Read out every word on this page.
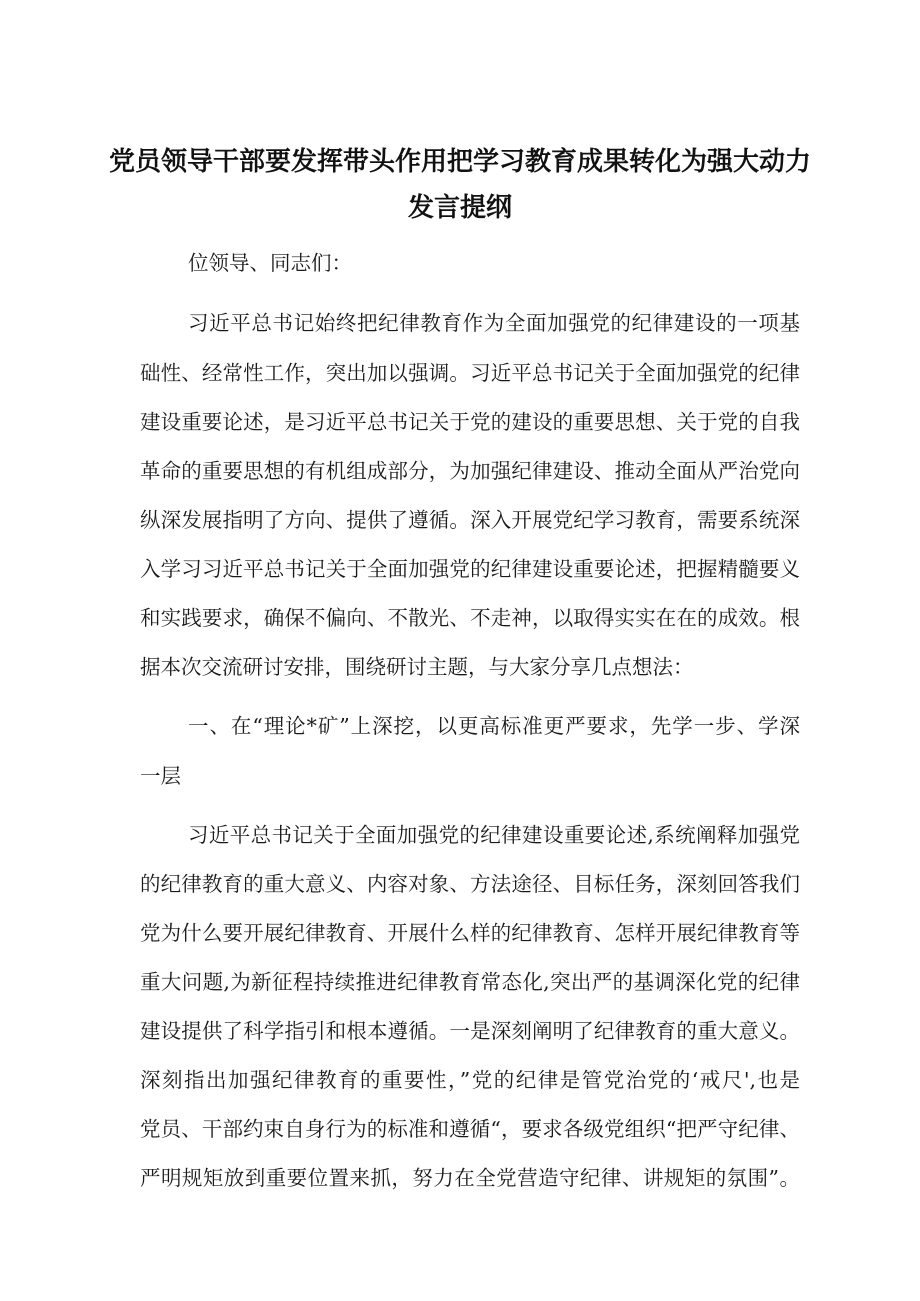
党员领导干部要发挥带头作用把学习教育成果转化为强大动力
发言提纲
位领导、同志们：
习近平总书记始终把纪律教育作为全面加强党的纪律建设的一项基
础性、经常性工作，突出加以强调。习近平总书记关于全面加强党的纪律
建设重要论述，是习近平总书记关于党的建设的重要思想、关于党的自我
革命的重要思想的有机组成部分，为加强纪律建设、推动全面从严治党向
纵深发展指明了方向、提供了遵循。深入开展党纪学习教育，需要系统深
入学习习近平总书记关于全面加强党的纪律建设重要论述，把握精髓要义
和实践要求，确保不偏向、不散光、不走神，以取得实实在在的成效。根
据本次交流研讨安排，围绕研讨主题，与大家分享几点想法：
一、在“理论*矿”上深挖，以更高标准更严要求，先学一步、学深
一层
习近平总书记关于全面加强党的纪律建设重要论述,系统阐释加强党
的纪律教育的重大意义、内容对象、方法途径、目标任务，深刻回答我们
党为什么要开展纪律教育、开展什么样的纪律教育、怎样开展纪律教育等
重大问题,为新征程持续推进纪律教育常态化,突出严的基调深化党的纪律
建设提供了科学指引和根本遵循。一是深刻阐明了纪律教育的重大意义。
深刻指出加强纪律教育的重要性，”党的纪律是管党治党的‘戒尺',也是
党员、干部约束自身行为的标准和遵循“，要求各级党组织“把严守纪律、
严明规矩放到重要位置来抓，努力在全党营造守纪律、讲规矩的氛围”。
